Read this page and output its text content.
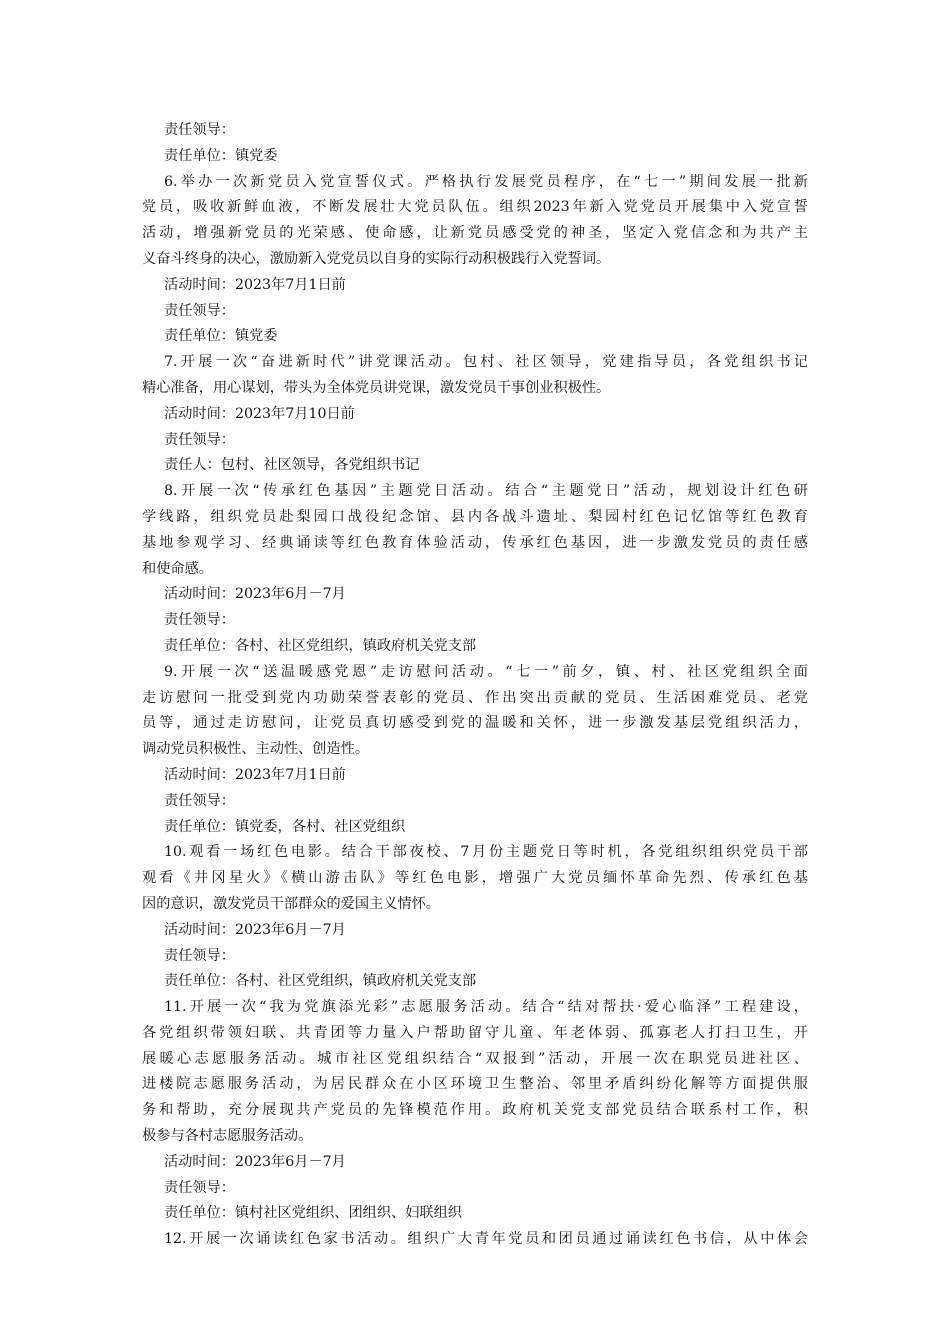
责任领导：
责任单位：镇党委
6.举办一次新党员入党宣誓仪式。严格执行发展党员程序，在“七一”期间发展一批新
党员，吸收新鲜血液，不断发展壮大党员队伍。组织2023年新入党党员开展集中入党宣誓
活动，增强新党员的光荣感、使命感，让新党员感受党的神圣，坚定入党信念和为共产主
义奋斗终身的决心，激励新入党党员以自身的实际行动积极践行入党誓词。
活动时间：2023年7月1日前
责任领导：
责任单位：镇党委
7.开展一次“奋进新时代”讲党课活动。包村、社区领导，党建指导员，各党组织书记
精心准备，用心谋划，带头为全体党员讲党课，激发党员干事创业积极性。
活动时间：2023年7月10日前
责任领导：
责任人：包村、社区领导，各党组织书记
8.开展一次“传承红色基因”主题党日活动。结合“主题党日”活动，规划设计红色研
学线路，组织党员赴梨园口战役纪念馆、县内各战斗遗址、梨园村红色记忆馆等红色教育
基地参观学习、经典诵读等红色教育体验活动，传承红色基因，进一步激发党员的责任感
和使命感。
活动时间：2023年6月－7月
责任领导：
责任单位：各村、社区党组织，镇政府机关党支部
9.开展一次“送温暖感党恩”走访慰问活动。“七一”前夕，镇、村、社区党组织全面
走访慰问一批受到党内功勋荣誉表彰的党员、作出突出贡献的党员、生活困难党员、老党
员等，通过走访慰问，让党员真切感受到党的温暖和关怀，进一步激发基层党组织活力，
调动党员积极性、主动性、创造性。
活动时间：2023年7月1日前
责任领导：
责任单位：镇党委，各村、社区党组织
10.观看一场红色电影。结合干部夜校、7月份主题党日等时机，各党组织组织党员干部
观看《井冈星火》《横山游击队》等红色电影，增强广大党员缅怀革命先烈、传承红色基
因的意识，激发党员干部群众的爱国主义情怀。
活动时间：2023年6月－7月
责任领导：
责任单位：各村、社区党组织，镇政府机关党支部
11.开展一次“我为党旗添光彩”志愿服务活动。结合“结对帮扶·爱心临泽”工程建设，
各党组织带领妇联、共青团等力量入户帮助留守儿童、年老体弱、孤寡老人打扫卫生，开
展暖心志愿服务活动。城市社区党组织结合“双报到”活动，开展一次在职党员进社区、
进楼院志愿服务活动，为居民群众在小区环境卫生整治、邻里矛盾纠纷化解等方面提供服
务和帮助，充分展现共产党员的先锋模范作用。政府机关党支部党员结合联系村工作，积
极参与各村志愿服务活动。
活动时间：2023年6月－7月
责任领导：
责任单位：镇村社区党组织、团组织、妇联组织
12.开展一次诵读红色家书活动。组织广大青年党员和团员通过诵读红色书信，从中体会
